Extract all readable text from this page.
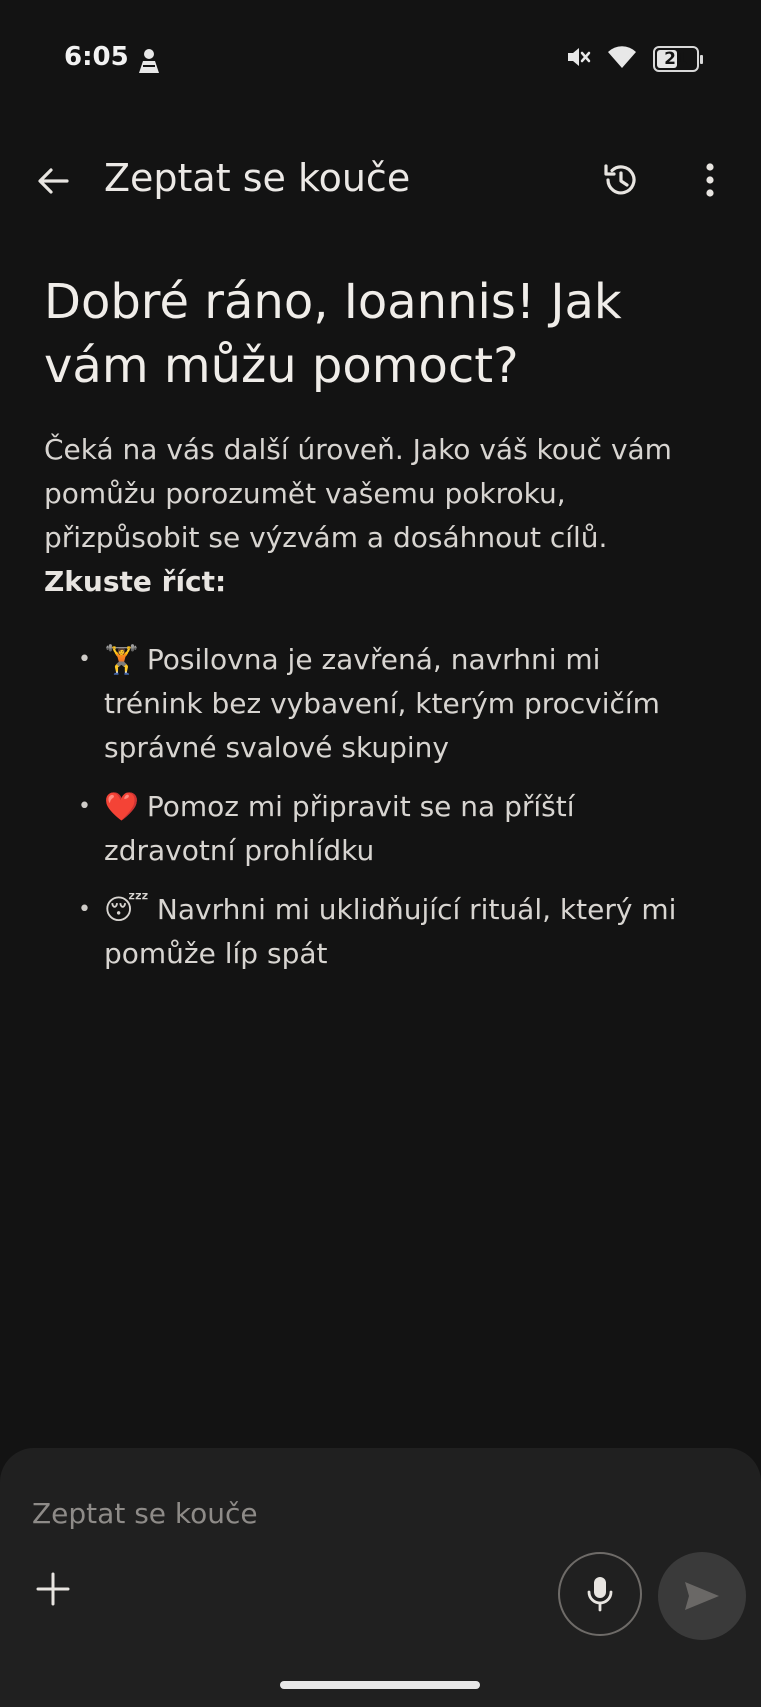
6:05	21
Zeptat se kouče
Dobré ráno, Ioannis! Jak vám můžu pomoct?

Čeká na vás další úroveň. Jako váš kouč vám pomůžu porozumět vašemu pokroku, přizpůsobit se výzvám a dosáhnout cílů. Zkuste říct:

• 🏋️ Posilovna je zavřená, navrhni mi trénink bez vybavení, kterým procvičím správné svalové skupiny
• ❤️ Pomoz mi připravit se na příští zdravotní prohlídku
• 😴 Navrhni mi uklidňující rituál, který mi pomůže líp spát
Zeptat se kouče
